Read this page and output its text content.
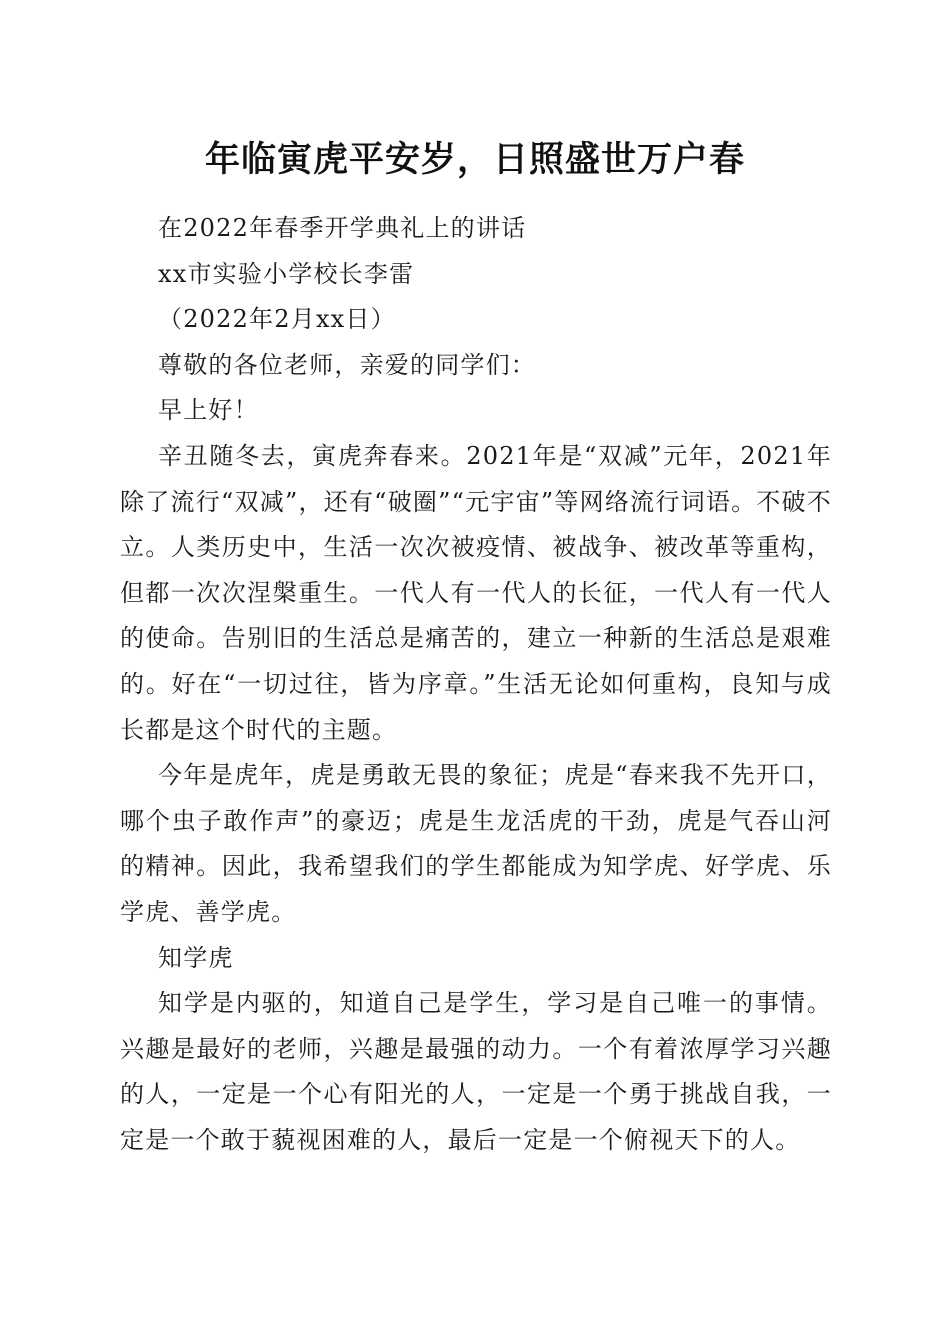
年临寅虎平安岁，日照盛世万户春

在2022年春季开学典礼上的讲话

xx市实验小学校长李雷

（2022年2月xx日）

尊敬的各位老师，亲爱的同学们：

早上好！

辛丑随冬去，寅虎奔春来。2021年是“双减”元年，2021年除了流行“双减”，还有“破圈”“元宇宙”等网络流行词语。不破不立。人类历史中，生活一次次被疫情、被战争、被改革等重构，但都一次次涅槃重生。一代人有一代人的长征，一代人有一代人的使命。告别旧的生活总是痛苦的，建立一种新的生活总是艰难的。好在“一切过往，皆为序章。”生活无论如何重构，良知与成长都是这个时代的主题。

今年是虎年，虎是勇敢无畏的象征；虎是“春来我不先开口，哪个虫子敢作声”的豪迈；虎是生龙活虎的干劲，虎是气吞山河的精神。因此，我希望我们的学生都能成为知学虎、好学虎、乐学虎、善学虎。

知学虎

知学是内驱的，知道自己是学生，学习是自己唯一的事情。兴趣是最好的老师，兴趣是最强的动力。一个有着浓厚学习兴趣的人，一定是一个心有阳光的人，一定是一个勇于挑战自我，一定是一个敢于藐视困难的人，最后一定是一个俯视天下的人。
